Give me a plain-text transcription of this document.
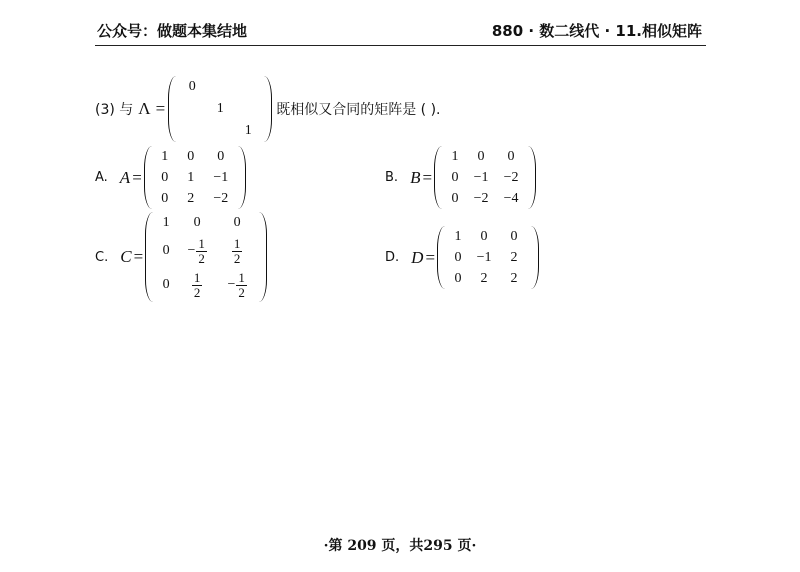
公众号：做题本集结地	880 · 数二线代 · 11.相似矩阵
(3) 与 Λ =
0
1
1
既相似又合同的矩阵是 ( ).
A. A =
1 0 0
0 1 −1
0 2 −2
B. B =
1 0 0
0 −1 −2
0 −2 −4
C. C =
1 0 0
$0 - \frac{1}{2} \frac{1}{2}$
$0 \frac{1}{2} - \frac{1}{2}$
D. D =
1 0 0
0 −1 2
0 2 2
·第 209 页，共295 页·
